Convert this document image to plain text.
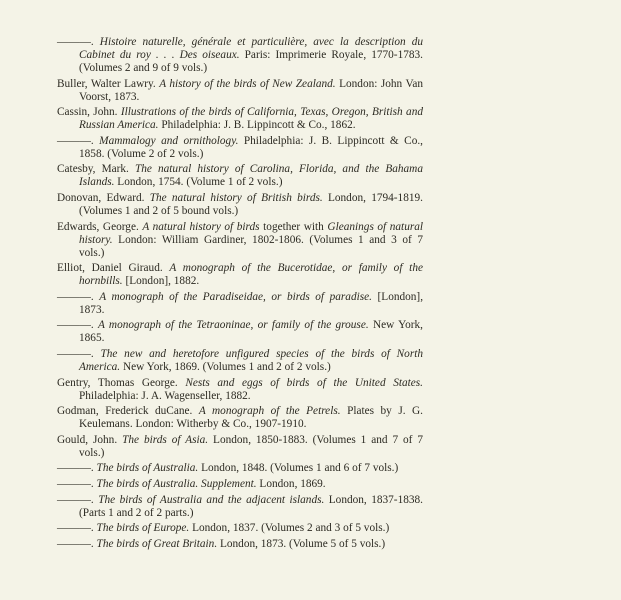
———. Histoire naturelle, générale et particulière, avec la description du Cabinet du roy . . . Des oiseaux. Paris: Imprimerie Royale, 1770-1783. (Volumes 2 and 9 of 9 vols.)

Buller, Walter Lawry. A history of the birds of New Zealand. London: John Van Voorst, 1873.

Cassin, John. Illustrations of the birds of California, Texas, Oregon, British and Russian America. Philadelphia: J. B. Lippincott & Co., 1862.

———. Mammalogy and ornithology. Philadelphia: J. B. Lippincott & Co., 1858. (Volume 2 of 2 vols.)

Catesby, Mark. The natural history of Carolina, Florida, and the Bahama Islands. London, 1754. (Volume 1 of 2 vols.)

Donovan, Edward. The natural history of British birds. London, 1794-1819. (Volumes 1 and 2 of 5 bound vols.)

Edwards, George. A natural history of birds together with Gleanings of natural history. London: William Gardiner, 1802-1806. (Volumes 1 and 3 of 7 vols.)

Elliot, Daniel Giraud. A monograph of the Bucerotidae, or family of the hornbills. [London], 1882.

———. A monograph of the Paradiseidae, or birds of paradise. [London], 1873.

———. A monograph of the Tetraoninae, or family of the grouse. New York, 1865.

———. The new and heretofore unfigured species of the birds of North America. New York, 1869. (Volumes 1 and 2 of 2 vols.)

Gentry, Thomas George. Nests and eggs of birds of the United States. Philadelphia: J. A. Wagenseller, 1882.

Godman, Frederick duCane. A monograph of the Petrels. Plates by J. G. Keulemans. London: Witherby & Co., 1907-1910.

Gould, John. The birds of Asia. London, 1850-1883. (Volumes 1 and 7 of 7 vols.)

———. The birds of Australia. London, 1848. (Volumes 1 and 6 of 7 vols.)

———. The birds of Australia. Supplement. London, 1869.

———. The birds of Australia and the adjacent islands. London, 1837-1838. (Parts 1 and 2 of 2 parts.)

———. The birds of Europe. London, 1837. (Volumes 2 and 3 of 5 vols.)

———. The birds of Great Britain. London, 1873. (Volume 5 of 5 vols.)
